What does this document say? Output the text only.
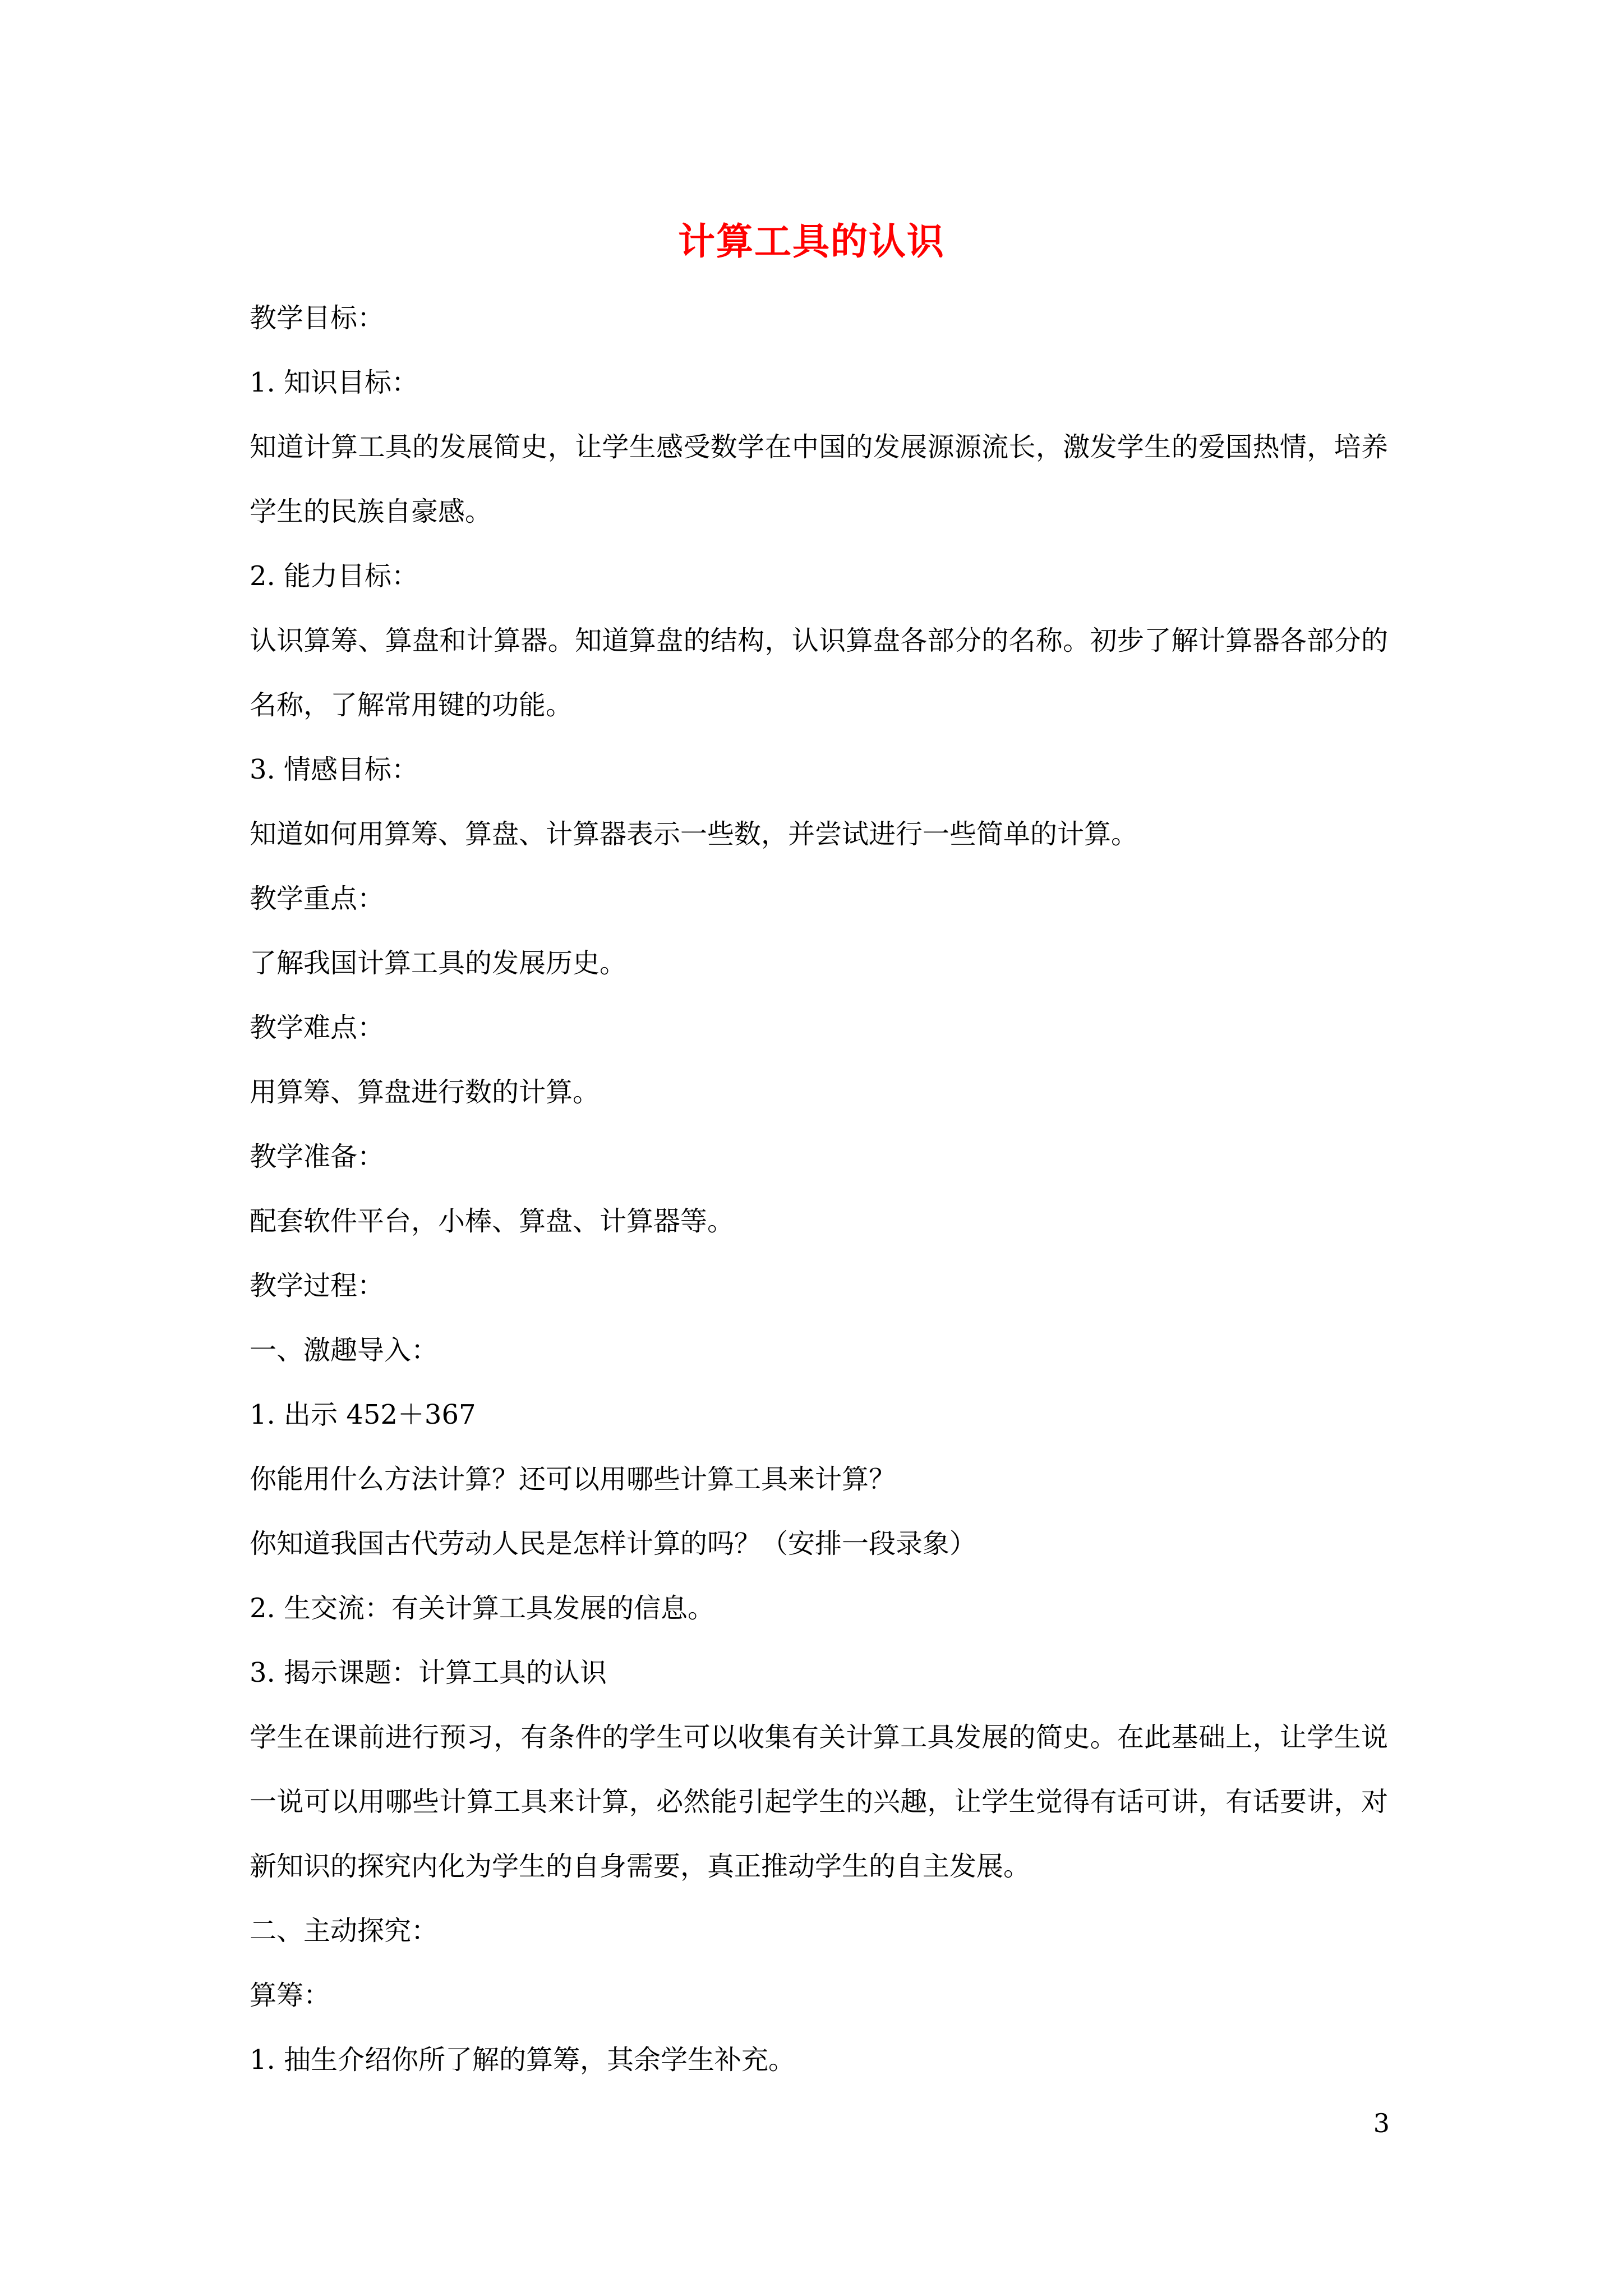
计算工具的认识

教学目标：

1. 知识目标：

知道计算工具的发展简史，让学生感受数学在中国的发展源源流长，激发学生的爱国热情，培养学生的民族自豪感。

2. 能力目标：

认识算筹、算盘和计算器。知道算盘的结构，认识算盘各部分的名称。初步了解计算器各部分的名称，了解常用键的功能。

3. 情感目标：

知道如何用算筹、算盘、计算器表示一些数，并尝试进行一些简单的计算。

教学重点：

了解我国计算工具的发展历史。

教学难点：

用算筹、算盘进行数的计算。

教学准备：

配套软件平台，小棒、算盘、计算器等。

教学过程：

一、激趣导入：

1. 出示 452＋367

你能用什么方法计算？还可以用哪些计算工具来计算？

你知道我国古代劳动人民是怎样计算的吗？（安排一段录象）

2. 生交流：有关计算工具发展的信息。

3. 揭示课题：计算工具的认识

学生在课前进行预习，有条件的学生可以收集有关计算工具发展的简史。在此基础上，让学生说一说可以用哪些计算工具来计算，必然能引起学生的兴趣，让学生觉得有话可讲，有话要讲，对新知识的探究内化为学生的自身需要，真正推动学生的自主发展。

二、主动探究：

算筹：

1. 抽生介绍你所了解的算筹，其余学生补充。

3
